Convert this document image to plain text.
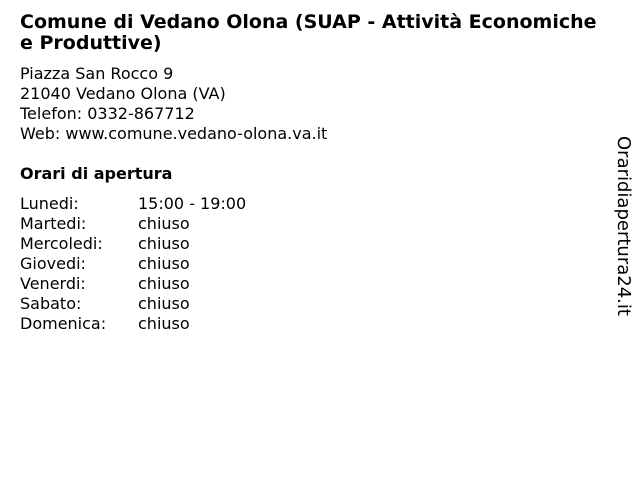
Comune di Vedano Olona (SUAP - Attività Economiche e Produttive)
Piazza San Rocco 9
21040 Vedano Olona (VA)
Telefon: 0332-867712
Web: www.comune.vedano-olona.va.it
Orari di apertura
Lunedi:	15:00 - 19:00
Martedi:	chiuso
Mercoledi:	chiuso
Giovedi:	chiuso
Venerdi:	chiuso
Sabato:	chiuso
Domenica:	chiuso
Oraridiapertura24.it
